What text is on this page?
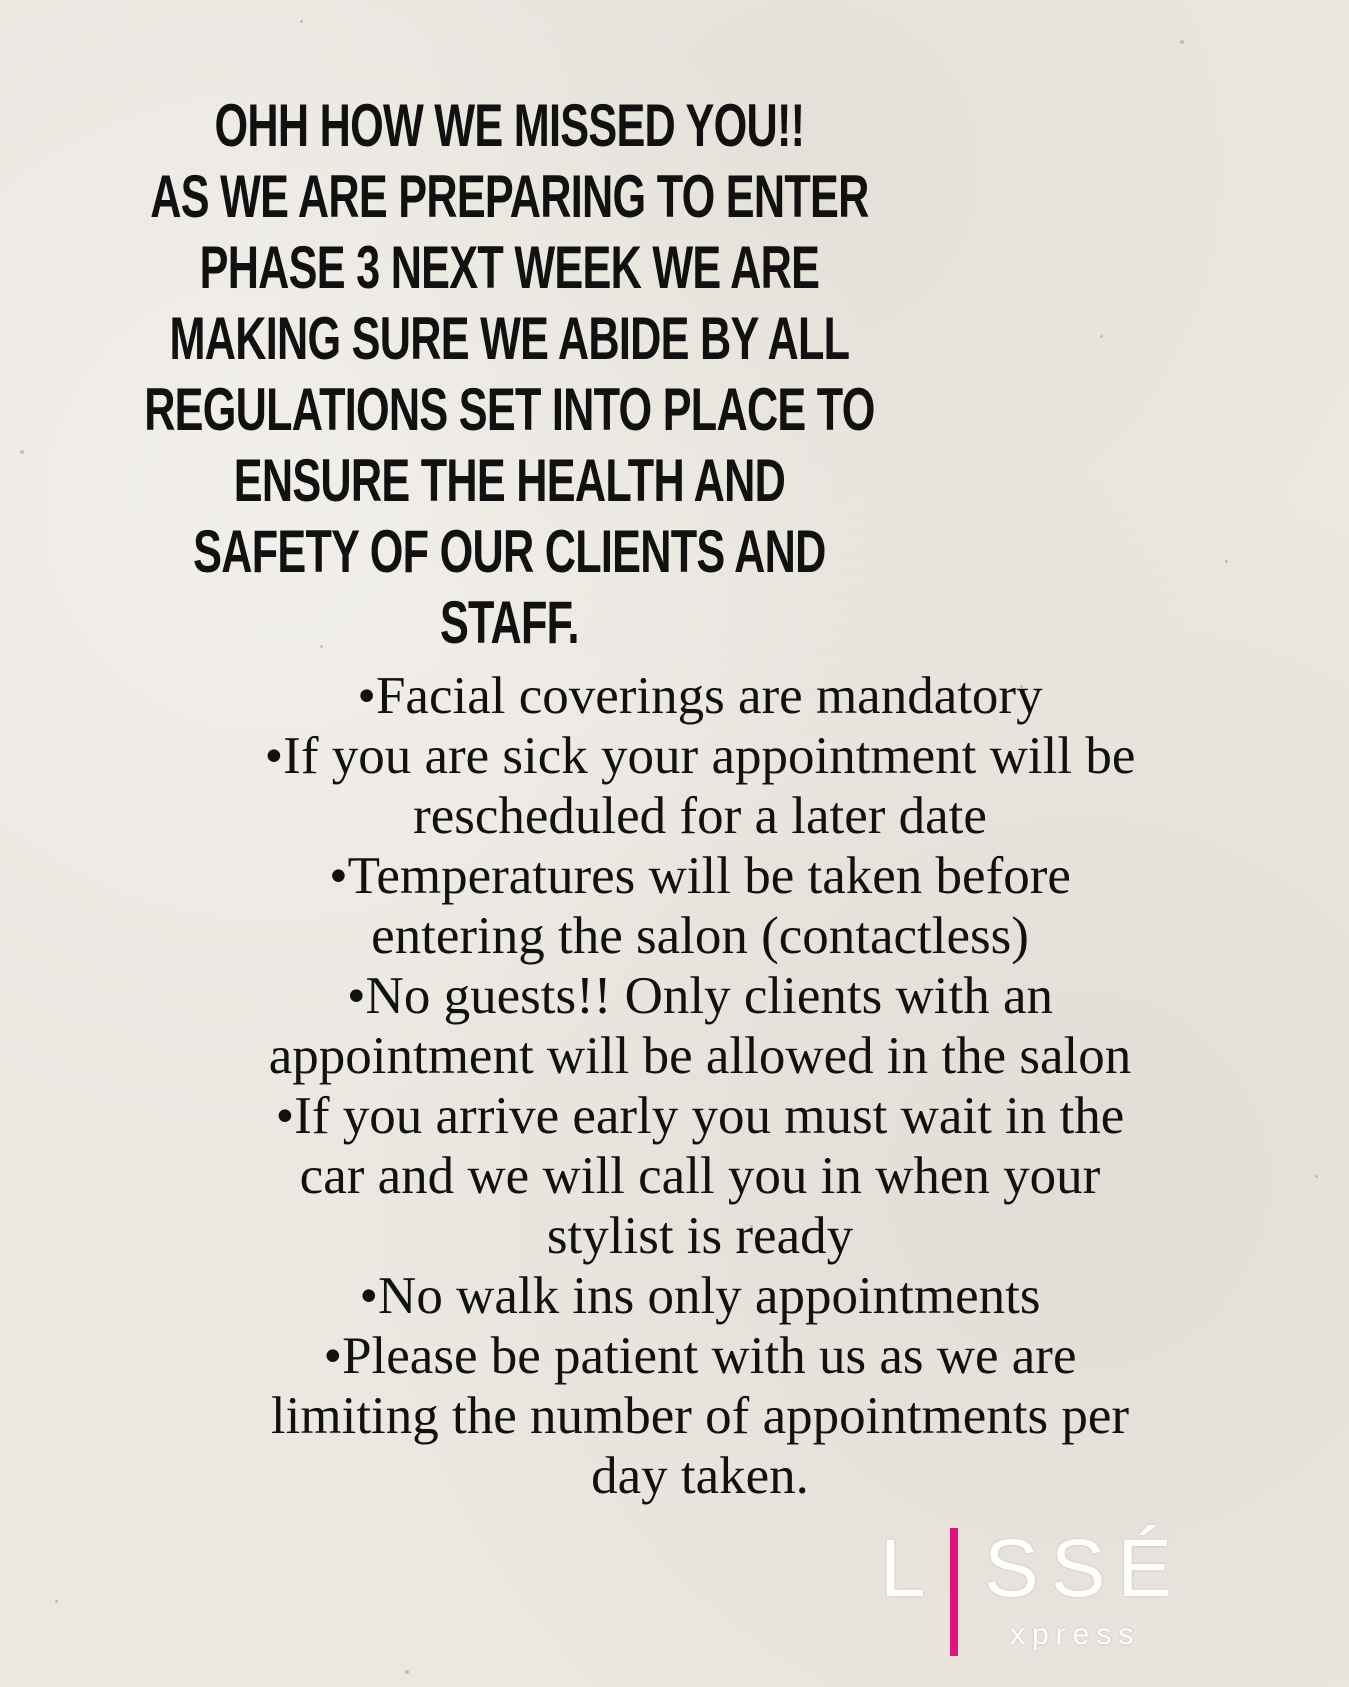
OHH HOW WE MISSED YOU!!
AS WE ARE PREPARING TO ENTER
PHASE 3 NEXT WEEK WE ARE
MAKING SURE WE ABIDE BY ALL
REGULATIONS SET INTO PLACE TO
ENSURE THE HEALTH AND
SAFETY OF OUR CLIENTS AND
STAFF.
•Facial coverings are mandatory
•If you are sick your appointment will be
rescheduled for a later date
•Temperatures will be taken before
entering the salon (contactless)
•No guests!! Only clients with an
appointment will be allowed in the salon
•If you arrive early you must wait in the
car and we will call you in when your
stylist is ready
•No walk ins only appointments
•Please be patient with us as we are
limiting the number of appointments per
day taken.
L SSÉ
xpress
